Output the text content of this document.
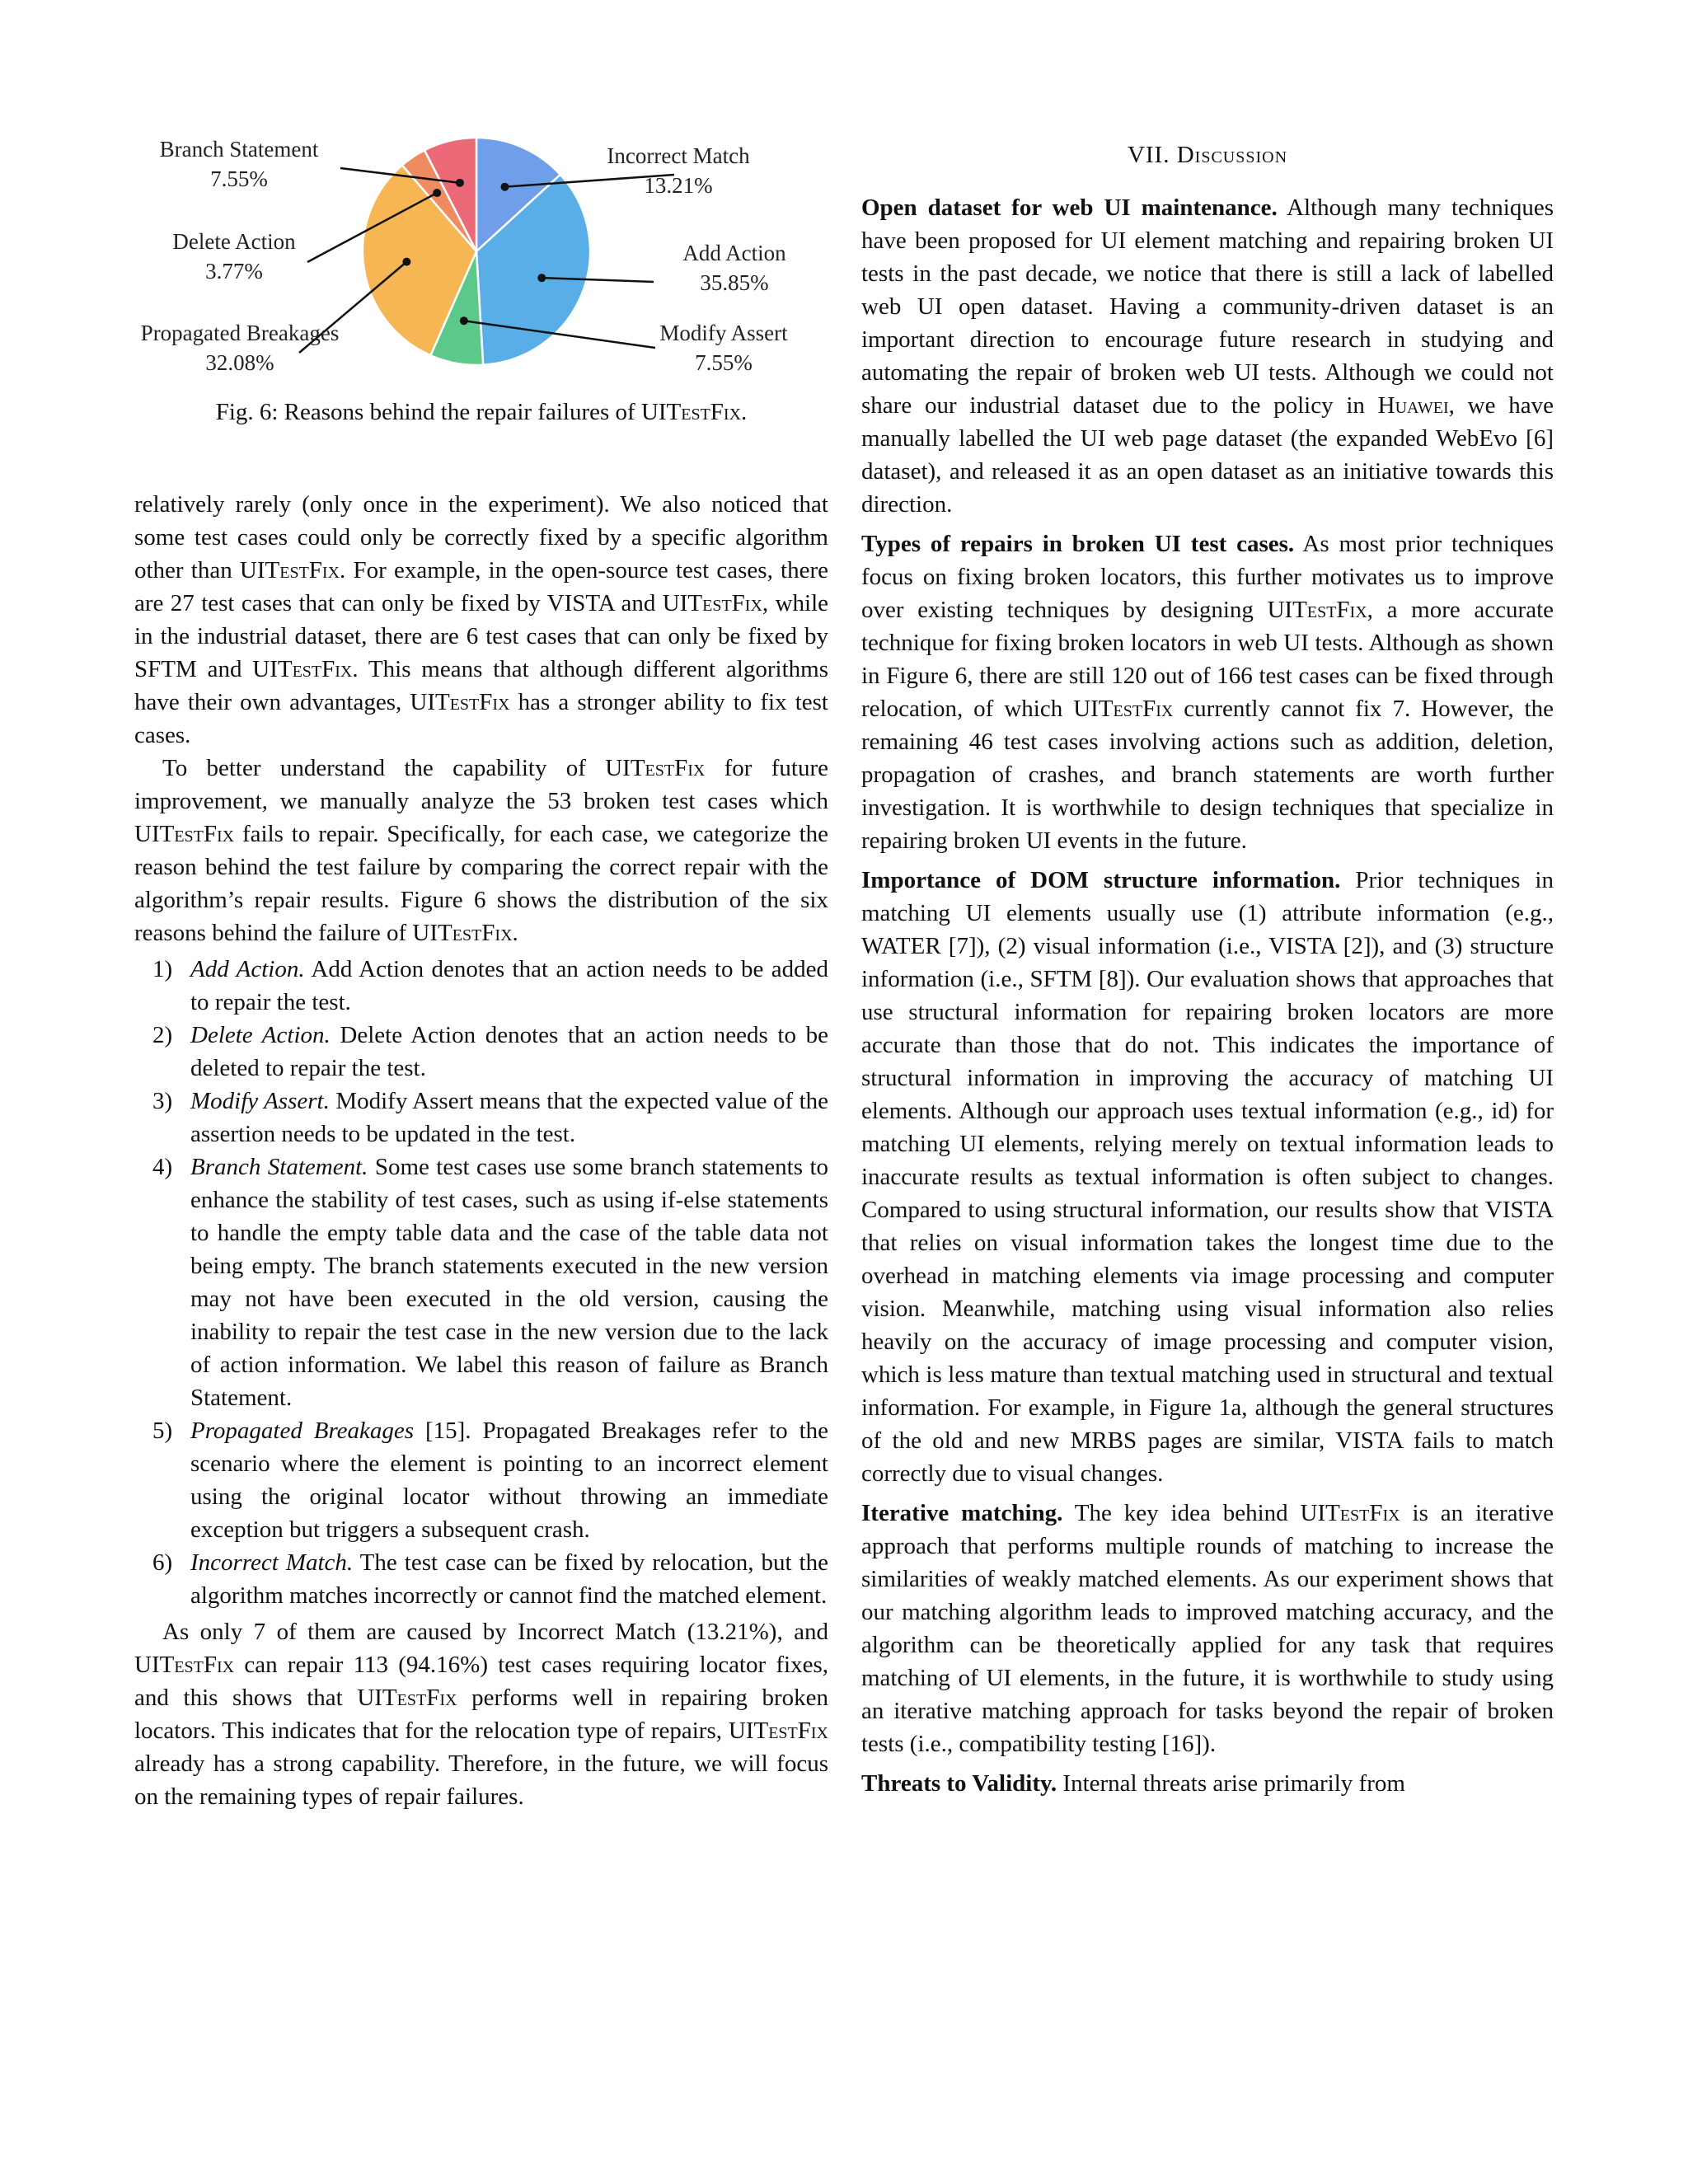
Incorrect Match
13.21%
Add Action
35.85%
Modify Assert
7.55%
Propagated Breakages
32.08%
Delete Action
3.77%
Branch Statement
7.55%
Fig. 6: Reasons behind the repair failures of UITestFix.

relatively rarely (only once in the experiment). We also noticed that some test cases could only be correctly fixed by a specific algorithm other than UITestFix. For example, in the open-source test cases, there are 27 test cases that can only be fixed by VISTA and UITestFix, while in the industrial dataset, there are 6 test cases that can only be fixed by SFTM and UITestFix. This means that although different algorithms have their own advantages, UITestFix has a stronger ability to fix test cases.

To better understand the capability of UITestFix for future improvement, we manually analyze the 53 broken test cases which UITestFix fails to repair. Specifically, for each case, we categorize the reason behind the test failure by comparing the correct repair with the algorithm’s repair results. Figure 6 shows the distribution of the six reasons behind the failure of UITestFix.

1) Add Action. Add Action denotes that an action needs to be added to repair the test.
2) Delete Action. Delete Action denotes that an action needs to be deleted to repair the test.
3) Modify Assert. Modify Assert means that the expected value of the assertion needs to be updated in the test.
4) Branch Statement. Some test cases use some branch statements to enhance the stability of test cases, such as using if-else statements to handle the empty table data and the case of the table data not being empty. The branch statements executed in the new version may not have been executed in the old version, causing the inability to repair the test case in the new version due to the lack of action information. We label this reason of failure as Branch Statement.
5) Propagated Breakages [15]. Propagated Breakages refer to the scenario where the element is pointing to an incorrect element using the original locator without throwing an immediate exception but triggers a subsequent crash.
6) Incorrect Match. The test case can be fixed by relocation, but the algorithm matches incorrectly or cannot find the matched element.

As only 7 of them are caused by Incorrect Match (13.21%), and UITestFix can repair 113 (94.16%) test cases requiring locator fixes, and this shows that UITestFix performs well in repairing broken locators. This indicates that for the relocation type of repairs, UITestFix already has a strong capability. Therefore, in the future, we will focus on the remaining types of repair failures.

VII. Discussion

Open dataset for web UI maintenance. Although many techniques have been proposed for UI element matching and repairing broken UI tests in the past decade, we notice that there is still a lack of labelled web UI open dataset. Having a community-driven dataset is an important direction to encourage future research in studying and automating the repair of broken web UI tests. Although we could not share our industrial dataset due to the policy in Huawei, we have manually labelled the UI web page dataset (the expanded WebEvo [6] dataset), and released it as an open dataset as an initiative towards this direction.

Types of repairs in broken UI test cases. As most prior techniques focus on fixing broken locators, this further motivates us to improve over existing techniques by designing UITestFix, a more accurate technique for fixing broken locators in web UI tests. Although as shown in Figure 6, there are still 120 out of 166 test cases can be fixed through relocation, of which UITestFix currently cannot fix 7. However, the remaining 46 test cases involving actions such as addition, deletion, propagation of crashes, and branch statements are worth further investigation. It is worthwhile to design techniques that specialize in repairing broken UI events in the future.

Importance of DOM structure information. Prior techniques in matching UI elements usually use (1) attribute information (e.g., WATER [7]), (2) visual information (i.e., VISTA [2]), and (3) structure information (i.e., SFTM [8]). Our evaluation shows that approaches that use structural information for repairing broken locators are more accurate than those that do not. This indicates the importance of structural information in improving the accuracy of matching UI elements. Although our approach uses textual information (e.g., id) for matching UI elements, relying merely on textual information leads to inaccurate results as textual information is often subject to changes. Compared to using structural information, our results show that VISTA that relies on visual information takes the longest time due to the overhead in matching elements via image processing and computer vision. Meanwhile, matching using visual information also relies heavily on the accuracy of image processing and computer vision, which is less mature than textual matching used in structural and textual information. For example, in Figure 1a, although the general structures of the old and new MRBS pages are similar, VISTA fails to match correctly due to visual changes.

Iterative matching. The key idea behind UITestFix is an iterative approach that performs multiple rounds of matching to increase the similarities of weakly matched elements. As our experiment shows that our matching algorithm leads to improved matching accuracy, and the algorithm can be theoretically applied for any task that requires matching of UI elements, in the future, it is worthwhile to study using an iterative matching approach for tasks beyond the repair of broken tests (i.e., compatibility testing [16]).

Threats to Validity. Internal threats arise primarily from
